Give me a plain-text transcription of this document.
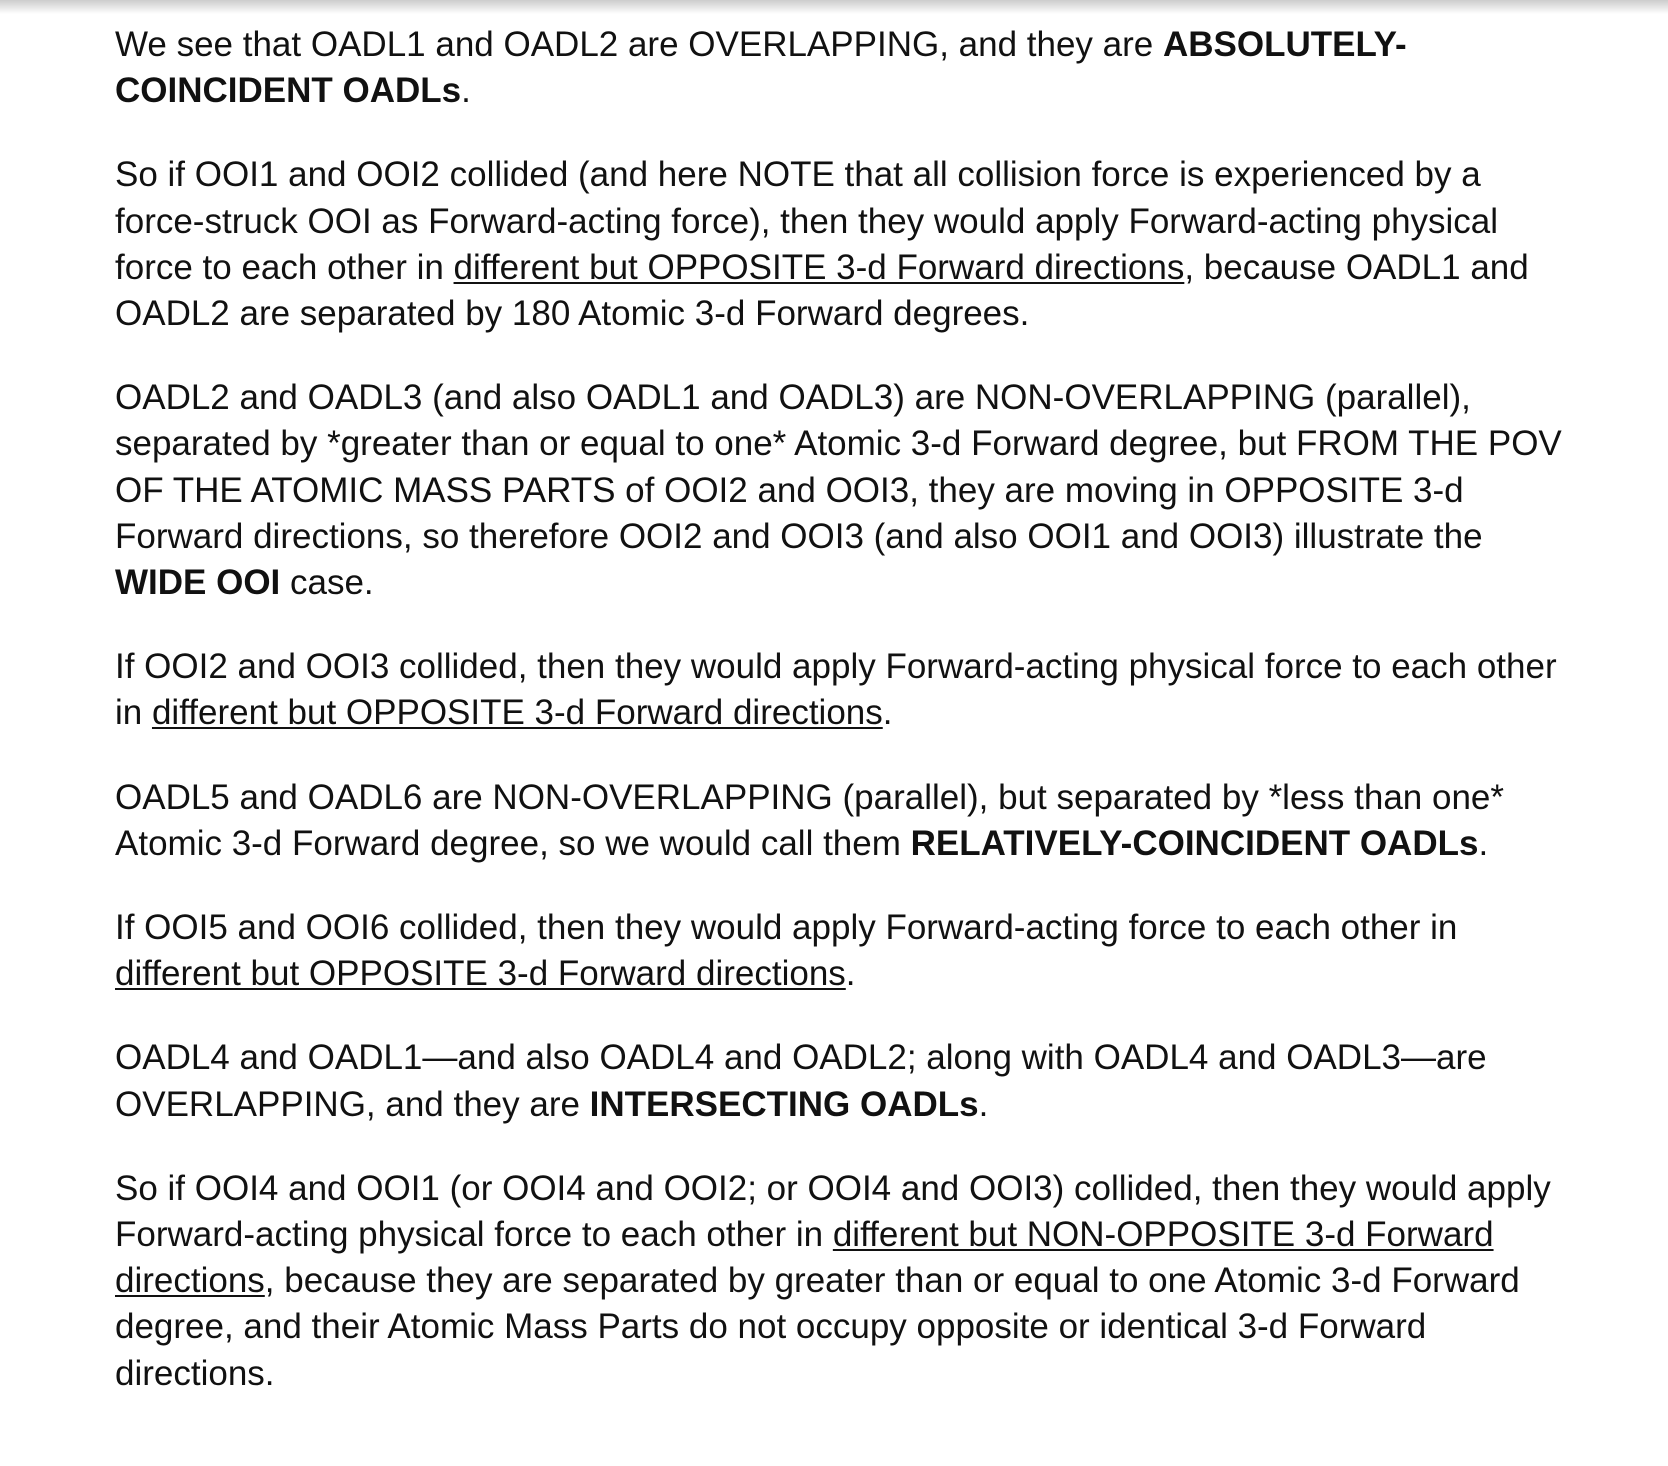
We see that OADL1 and OADL2 are OVERLAPPING, and they are ABSOLUTELY-COINCIDENT OADLs.

So if OOI1 and OOI2 collided (and here NOTE that all collision force is experienced by a force-struck OOI as Forward-acting force), then they would apply Forward-acting physical force to each other in different but OPPOSITE 3-d Forward directions, because OADL1 and OADL2 are separated by 180 Atomic 3-d Forward degrees.

OADL2 and OADL3 (and also OADL1 and OADL3) are NON-OVERLAPPING (parallel), separated by *greater than or equal to one* Atomic 3-d Forward degree, but FROM THE POV OF THE ATOMIC MASS PARTS of OOI2 and OOI3, they are moving in OPPOSITE 3-d Forward directions, so therefore OOI2 and OOI3 (and also OOI1 and OOI3) illustrate the WIDE OOI case.

If OOI2 and OOI3 collided, then they would apply Forward-acting physical force to each other in different but OPPOSITE 3-d Forward directions.

OADL5 and OADL6 are NON-OVERLAPPING (parallel), but separated by *less than one* Atomic 3-d Forward degree, so we would call them RELATIVELY-COINCIDENT OADLs.

If OOI5 and OOI6 collided, then they would apply Forward-acting force to each other in different but OPPOSITE 3-d Forward directions.

OADL4 and OADL1—and also OADL4 and OADL2; along with OADL4 and OADL3—are OVERLAPPING, and they are INTERSECTING OADLs.

So if OOI4 and OOI1 (or OOI4 and OOI2; or OOI4 and OOI3) collided, then they would apply Forward-acting physical force to each other in different but NON-OPPOSITE 3-d Forward directions, because they are separated by greater than or equal to one Atomic 3-d Forward degree, and their Atomic Mass Parts do not occupy opposite or identical 3-d Forward directions.
